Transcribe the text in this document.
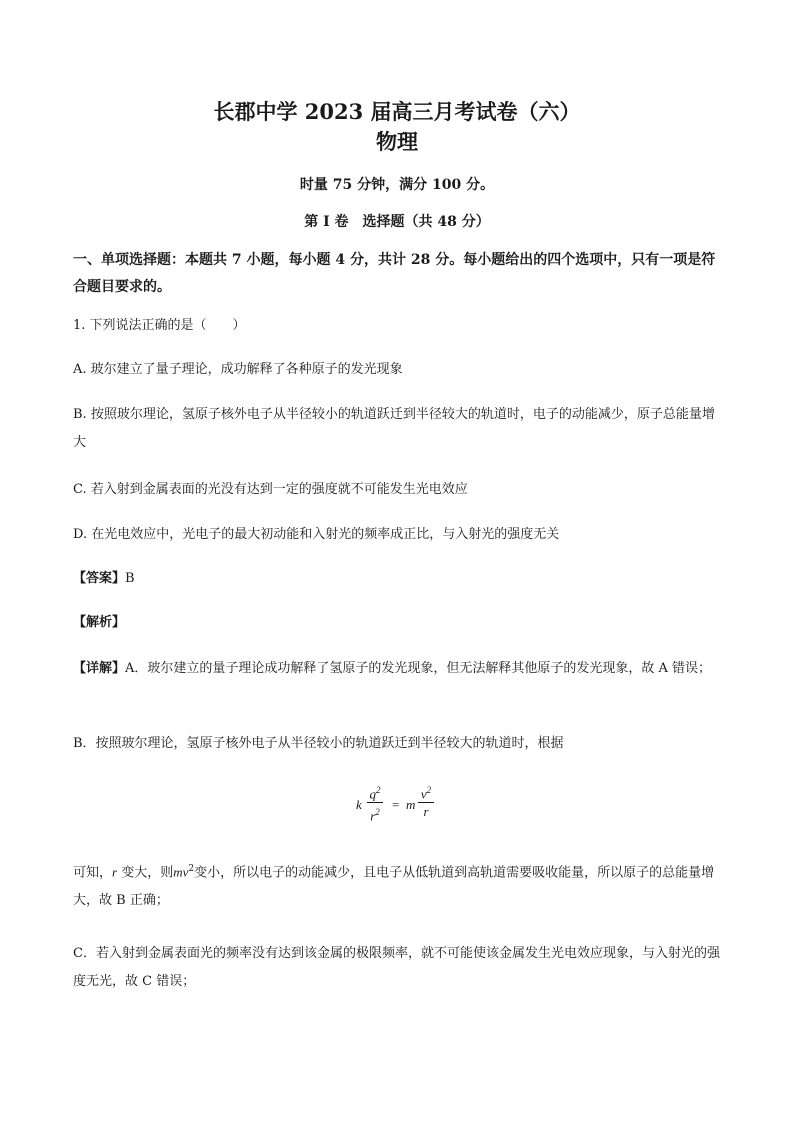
长郡中学 2023 届高三月考试卷（六）
物理
时量 75 分钟，满分 100 分。
第 I 卷　选择题（共 48 分）
一、单项选择题：本题共 7 小题，每小题 4 分，共计 28 分。每小题给出的四个选项中，只有一项是符合题目要求的。
1. 下列说法正确的是（　　）
A. 玻尔建立了量子理论，成功解释了各种原子的发光现象
B. 按照玻尔理论，氢原子核外电子从半径较小的轨道跃迁到半径较大的轨道时，电子的动能减少，原子总能量增大
C. 若入射到金属表面的光没有达到一定的强度就不可能发生光电效应
D. 在光电效应中，光电子的最大初动能和入射光的频率成正比，与入射光的强度无关
【答案】B
【解析】
【详解】A．玻尔建立的量子理论成功解释了氢原子的发光现象，但无法解释其他原子的发光现象，故 A 错误；
B．按照玻尔理论，氢原子核外电子从半径较小的轨道跃迁到半径较大的轨道时，根据
k $\frac{q^2}{r^2} = m \frac{v^2}{r}$
可知，r 变大，则$mv^2$变小，所以电子的动能减少，且电子从低轨道到高轨道需要吸收能量，所以原子的总能量增大，故 B 正确；
C．若入射到金属表面光的频率没有达到该金属的极限频率，就不可能使该金属发生光电效应现象，与入射光的强度无光，故 C 错误；
